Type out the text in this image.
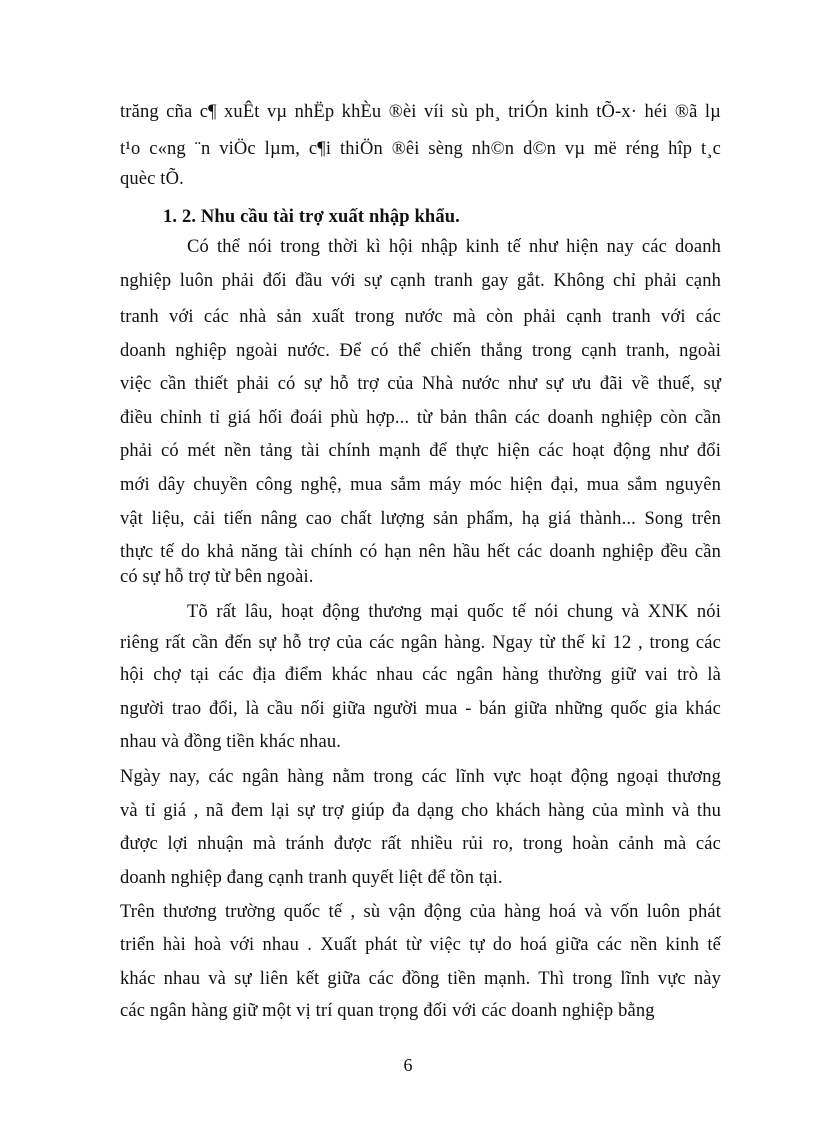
trăng cña c¶ xuÊt vµ nhËp khÈu ®èi víi sù ph¸ triÓn kinh tÕ-x· héi ®ã lµ
t¹o c«ng ¨n viÖc lµm, c¶i thiÖn ®êi sèng nh©n d©n vµ më réng hîp t¸c
quèc tÕ.
1. 2. Nhu cầu tài trợ xuất nhập khẩu.
Có thể nói trong thời kì hội nhập kinh tế như hiện nay các doanh
nghiệp luôn phải đối đầu với sự cạnh tranh gay gắt. Không chỉ phải cạnh
tranh với các nhà sản xuất trong nước mà còn phải cạnh tranh với các
doanh nghiệp ngoài nước. Để có thể chiến thắng trong cạnh tranh, ngoài
việc cần thiết phải có sự hỗ trợ của Nhà nước như sự ưu đãi về thuế, sự
điều chỉnh tỉ giá hối đoái phù hợp... từ bản thân các doanh nghiệp còn cần
phải có mét nền tảng tài chính mạnh để thực hiện các hoạt động như đổi
mới dây chuyền công nghệ, mua sắm máy móc hiện đại, mua sắm nguyên
vật liệu, cải tiến nâng cao chất lượng sản phẩm, hạ giá thành... Song trên
thực tế do khả năng tài chính có hạn nên hầu hết các doanh nghiệp đều cần
có sự hỗ trợ từ bên ngoài.
Tõ rất lâu, hoạt động thương mại quốc tế nói chung và XNK nói
riêng rất cần đến sự hỗ trợ của các ngân hàng. Ngay từ thế kỉ 12 , trong các
hội chợ tại các địa điểm khác nhau các ngân hàng thường giữ vai trò là
người trao đổi, là cầu nối giữa người mua - bán giữa những quốc gia khác
nhau và đồng tiền khác nhau.
Ngày nay, các ngân hàng nằm trong các lĩnh vực hoạt động ngoại thương
và tỉ giá , nã đem lại sự trợ giúp đa dạng cho khách hàng của mình và thu
được lợi nhuận mà tránh được rất nhiều rủi ro, trong hoàn cảnh mà các
doanh nghiệp đang cạnh tranh quyết liệt để tồn tại.
Trên thương trường quốc tế , sù vận động của hàng hoá và vốn luôn phát
triển hài hoà với nhau . Xuất phát từ việc tự do hoá giữa các nền kinh tế
khác nhau và sự liên kết giữa các đồng tiền mạnh. Thì trong lĩnh vực này
các ngân hàng giữ một vị trí quan trọng đối với các doanh nghiệp bằng
6
